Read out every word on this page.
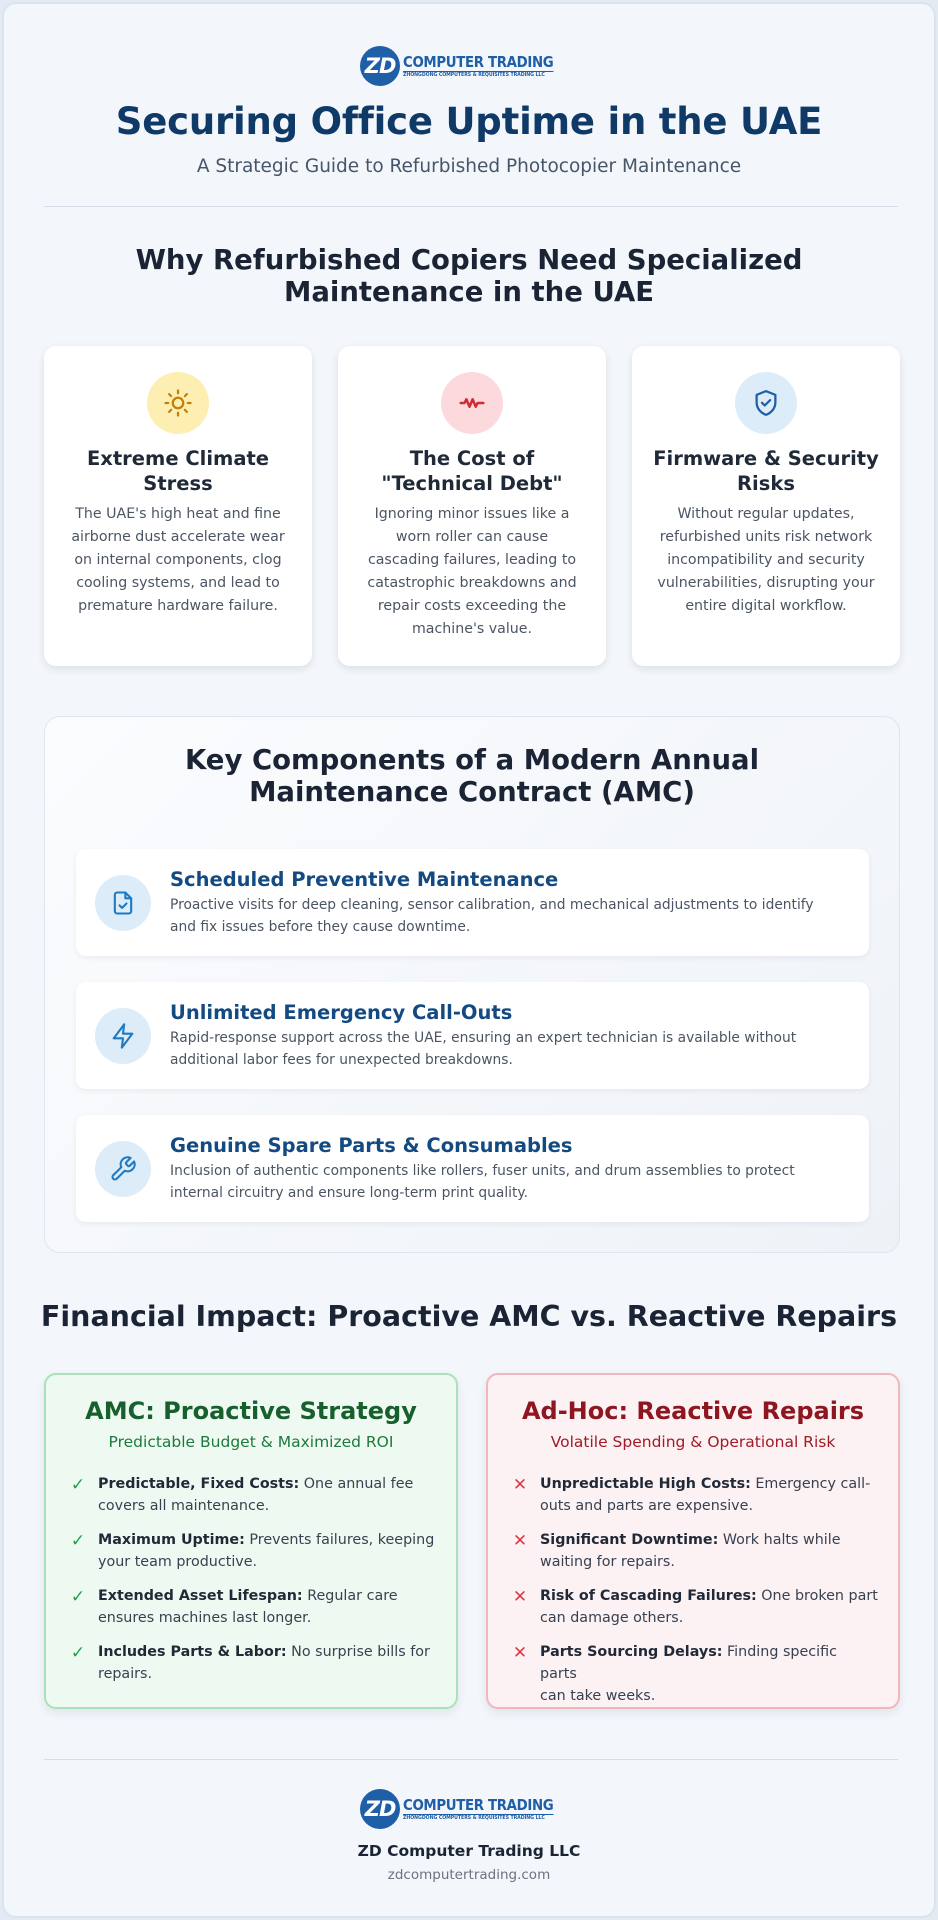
ZD COMPUTER TRADING
ZHONGDONG COMPUTERS & REQUISITES TRADING LLC
Securing Office Uptime in the UAE
A Strategic Guide to Refurbished Photocopier Maintenance
Why Refurbished Copiers Need Specialized
Maintenance in the UAE
Extreme Climate
Stress
The UAE's high heat and fine airborne dust accelerate wear on internal components, clog cooling systems, and lead to premature hardware failure.
The Cost of
"Technical Debt"
Ignoring minor issues like a worn roller can cause cascading failures, leading to catastrophic breakdowns and repair costs exceeding the machine's value.
Firmware & Security
Risks
Without regular updates, refurbished units risk network incompatibility and security vulnerabilities, disrupting your entire digital workflow.
Key Components of a Modern Annual
Maintenance Contract (AMC)
Scheduled Preventive Maintenance
Proactive visits for deep cleaning, sensor calibration, and mechanical adjustments to identify and fix issues before they cause downtime.
Unlimited Emergency Call-Outs
Rapid-response support across the UAE, ensuring an expert technician is available without additional labor fees for unexpected breakdowns.
Genuine Spare Parts & Consumables
Inclusion of authentic components like rollers, fuser units, and drum assemblies to protect internal circuitry and ensure long-term print quality.
Financial Impact: Proactive AMC vs. Reactive Repairs
AMC: Proactive Strategy
Predictable Budget & Maximized ROI
✓ Predictable, Fixed Costs: One annual fee
covers all maintenance.
✓ Maximum Uptime: Prevents failures, keeping
your team productive.
✓ Extended Asset Lifespan: Regular care
ensures machines last longer.
✓ Includes Parts & Labor: No surprise bills for
repairs.
Ad-Hoc: Reactive Repairs
Volatile Spending & Operational Risk
✕ Unpredictable High Costs: Emergency call-
outs and parts are expensive.
✕ Significant Downtime: Work halts while
waiting for repairs.
✕ Risk of Cascading Failures: One broken part
can damage others.
✕ Parts Sourcing Delays: Finding specific parts
can take weeks.
ZD COMPUTER TRADING
ZHONGDONG COMPUTERS & REQUISITES TRADING LLC
ZD Computer Trading LLC
zdcomputertrading.com
